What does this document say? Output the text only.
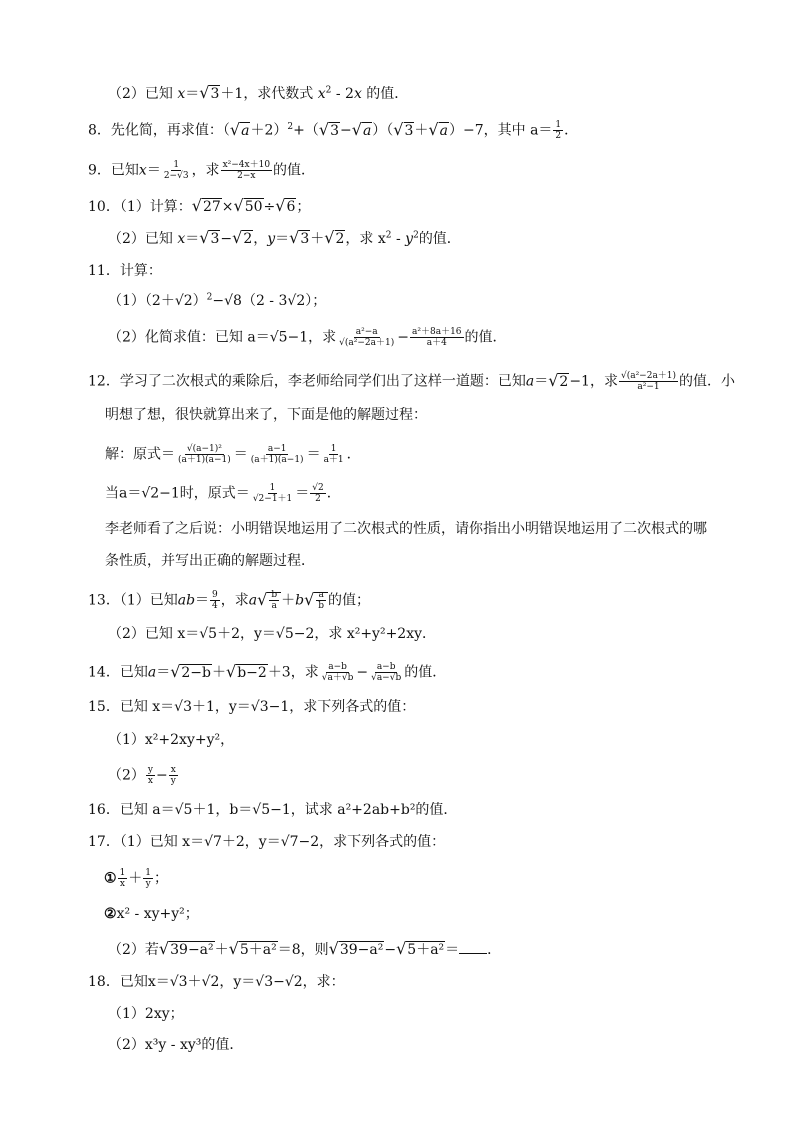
（2）已知 x＝√3＋1，求代数式 $x^2 - 2x$ 的值．
8．先化简，再求值：$(√a+2)^2+(√3-√a)(√3+√a)-7$，其中 $a= \frac{1}{2}$ ．
9．已知$x= \frac{1}{2-√3}$ ，求 $\frac{\text{x²−4x＋10}}{2-x}$ 的值．
10．（1）计算：√27×√50÷√6；
（2）已知 x＝√3−√2，y＝√3＋√2，求 $x^2 - y^2$的值．
11．计算：
$(1)(2+√2)^2-√8(2 - 3√2)$；
（2）化简求值：已知 a＝√5−1，求 $\frac{\text{a²−a}}{\text{√(a²−2a＋1)}} - \frac{\text{a²＋8a＋16}}{a+4}$ 的值．
12．学习了二次根式的乘除后，李老师给同学们出了这样一道题：已知a＝√2−1，求 $\frac{\text{√(a²−2a＋1)}}{\text{a²−1}}$ 的值．小
明想了想，很快就算出来了，下面是他的解题过程：
解：原式＝ $\frac{\text{√(a−1)²}}{(a+1)(a-1)} = \frac{a-1}{(a+1)(a-1)} = \frac{1}{a+1}$ ．
当a＝√2−1时，原式＝ $\frac{1}{√2-1+1} = \frac{√2}{2}$ ．
李老师看了之后说：小明错误地运用了二次根式的性质，请你指出小明错误地运用了二次根式的哪
条性质，并写出正确的解题过程．
13．（1）已知$ab= \frac{9}{4}$ ，求$a√ \frac{b}{a} +b√ \frac{a}{b}$ 的值；
（2）已知 x＝√5＋2，y＝√5−2，求 x²+y²+2xy．
14．已知a＝√2−b＋√b−2＋3，求 $\frac{a-b}{√a+√b} - \frac{a-b}{√a-√b}$ 的值．
15．已知 x＝√3＋1，y＝√3−1，求下列各式的值：
（1）x²+2xy+y²，
$(2) \frac{y}{x} - \frac{x}{y}$
16．已知 a＝√5＋1，b＝√5−1，试求 a²+2ab+b²的值．
17．（1）已知 x＝√7＋2，y＝√7−2，求下列各式的值：
① $\frac{1}{x} + \frac{1}{y}$ ；
②x² - xy+y²；
（2）若√39−a²＋√5＋a²＝8，则√39−a²−√5＋a²＝ ．
18．已知x＝√3＋√2，y＝√3−√2，求：
（1）2xy；
（2）x³y - xy³的值．
